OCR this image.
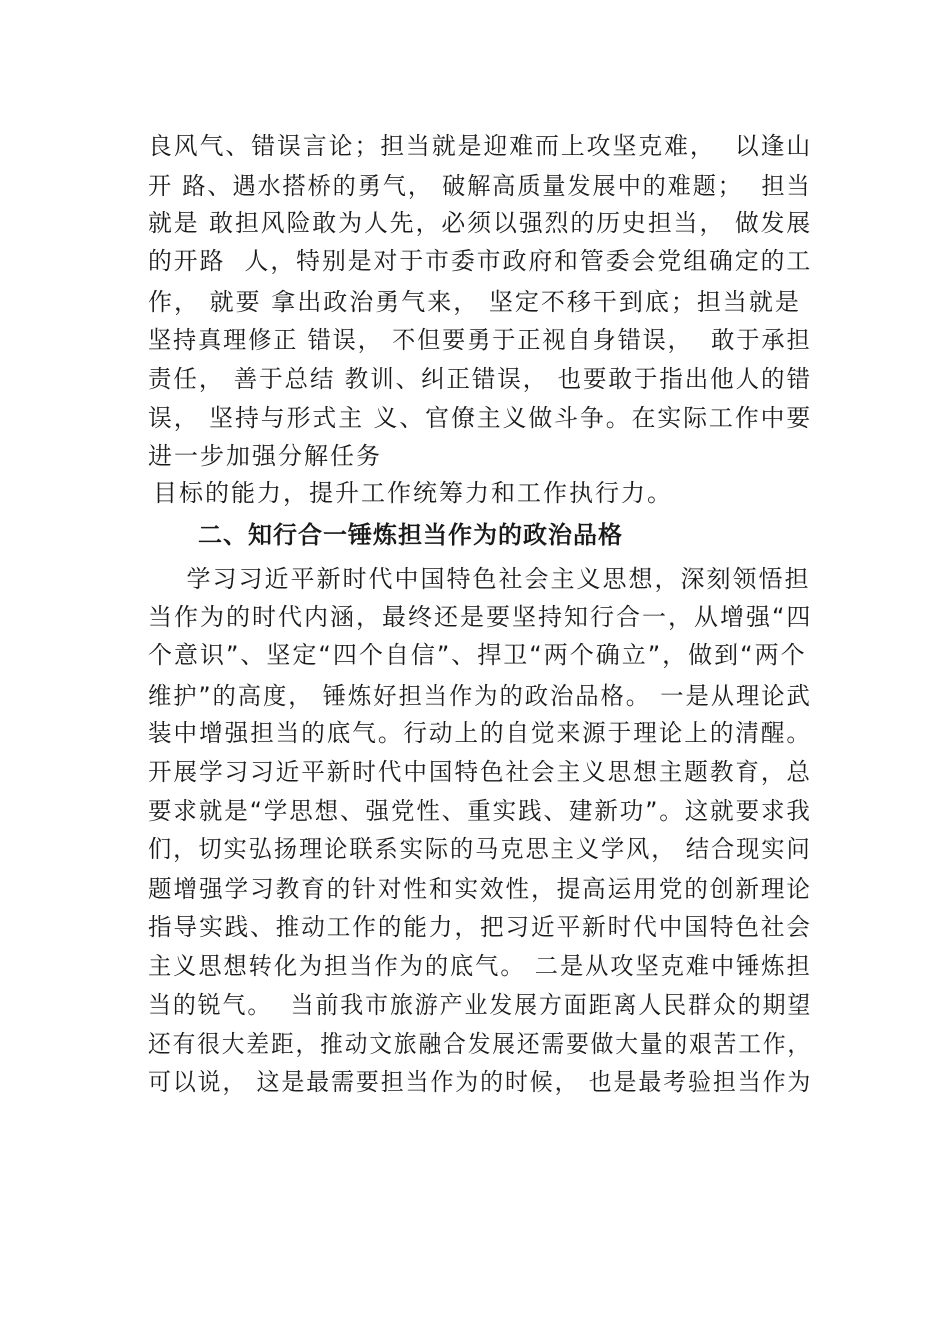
良风气、错误言论；担当就是迎难而上攻坚克难，  以逢山
开 路、遇水搭桥的勇气， 破解高质量发展中的难题；  担当
就是 敢担风险敢为人先，必须以强烈的历史担当， 做发展
的开路  人，特别是对于市委市政府和管委会党组确定的工
作， 就要 拿出政治勇气来， 坚定不移干到底；担当就是
坚持真理修正 错误， 不但要勇于正视自身错误，  敢于承担
责任， 善于总结 教训、纠正错误， 也要敢于指出他人的错
误， 坚持与形式主 义、官僚主义做斗争。在实际工作中要
进一步加强分解任务
目标的能力，提升工作统筹力和工作执行力。
二、知行合一锤炼担当作为的政治品格
学习习近平新时代中国特色社会主义思想，深刻领悟担
当作为的时代内涵，最终还是要坚持知行合一，从增强“四
个意识”、坚定“四个自信”、捍卫“两个确立”，做到“两个
维护”的高度， 锤炼好担当作为的政治品格。 一是从理论武
装中增强担当的底气。行动上的自觉来源于理论上的清醒。
开展学习习近平新时代中国特色社会主义思想主题教育，总
要求就是“学思想、强党性、重实践、建新功”。这就要求我
们，切实弘扬理论联系实际的马克思主义学风， 结合现实问
题增强学习教育的针对性和实效性，提高运用党的创新理论
指导实践、推动工作的能力，把习近平新时代中国特色社会
主义思想转化为担当作为的底气。 二是从攻坚克难中锤炼担
当的锐气。  当前我市旅游产业发展方面距离人民群众的期望
还有很大差距，推动文旅融合发展还需要做大量的艰苦工作，
可以说， 这是最需要担当作为的时候， 也是最考验担当作为
